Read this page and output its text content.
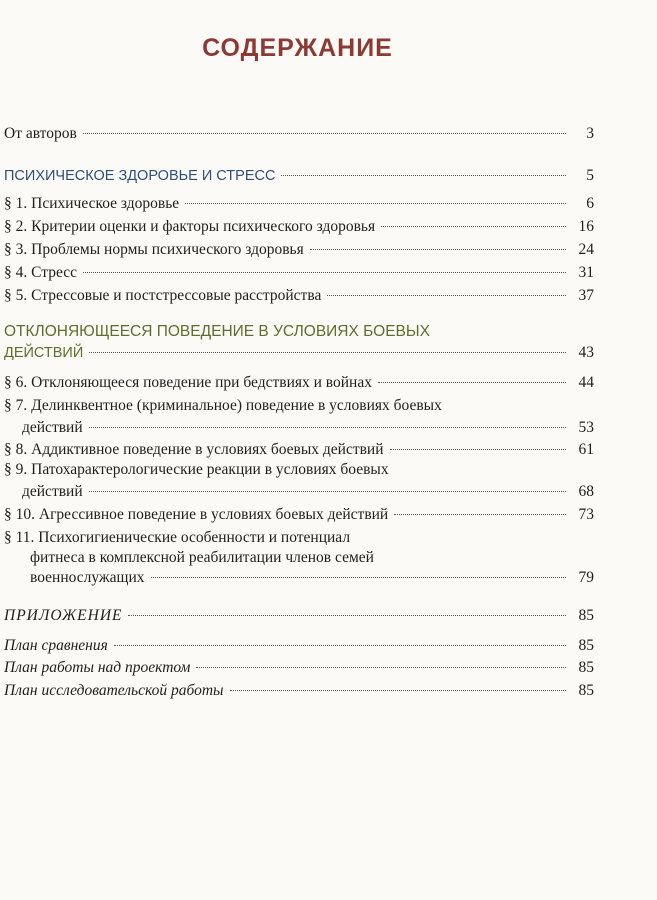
СОДЕРЖАНИЕ
От авторов	3
ПСИХИЧЕСКОЕ ЗДОРОВЬЕ И СТРЕСС	5
§ 1. Психическое здоровье	6
§ 2. Критерии оценки и факторы психического здоровья	16
§ 3. Проблемы нормы психического здоровья	24
§ 4. Стресс	31
§ 5. Стрессовые и постстрессовые расстройства	37
ОТКЛОНЯЮЩЕЕСЯ ПОВЕДЕНИЕ В УСЛОВИЯХ БОЕВЫХ
ДЕЙСТВИЙ	43
§ 6. Отклоняющееся поведение при бедствиях и войнах	44
§ 7. Делинквентное (криминальное) поведение в условиях боевых
действий	53
§ 8. Аддиктивное поведение в условиях боевых действий	61
§ 9. Патохарактерологические реакции в условиях боевых
действий	68
§ 10. Агрессивное поведение в условиях боевых действий	73
§ 11. Психогигиенические особенности и потенциал
фитнеса в комплексной реабилитации членов семей
военнослужащих	79
ПРИЛОЖЕНИЕ	85
План сравнения	85
План работы над проектом	85
План исследовательской работы	85
